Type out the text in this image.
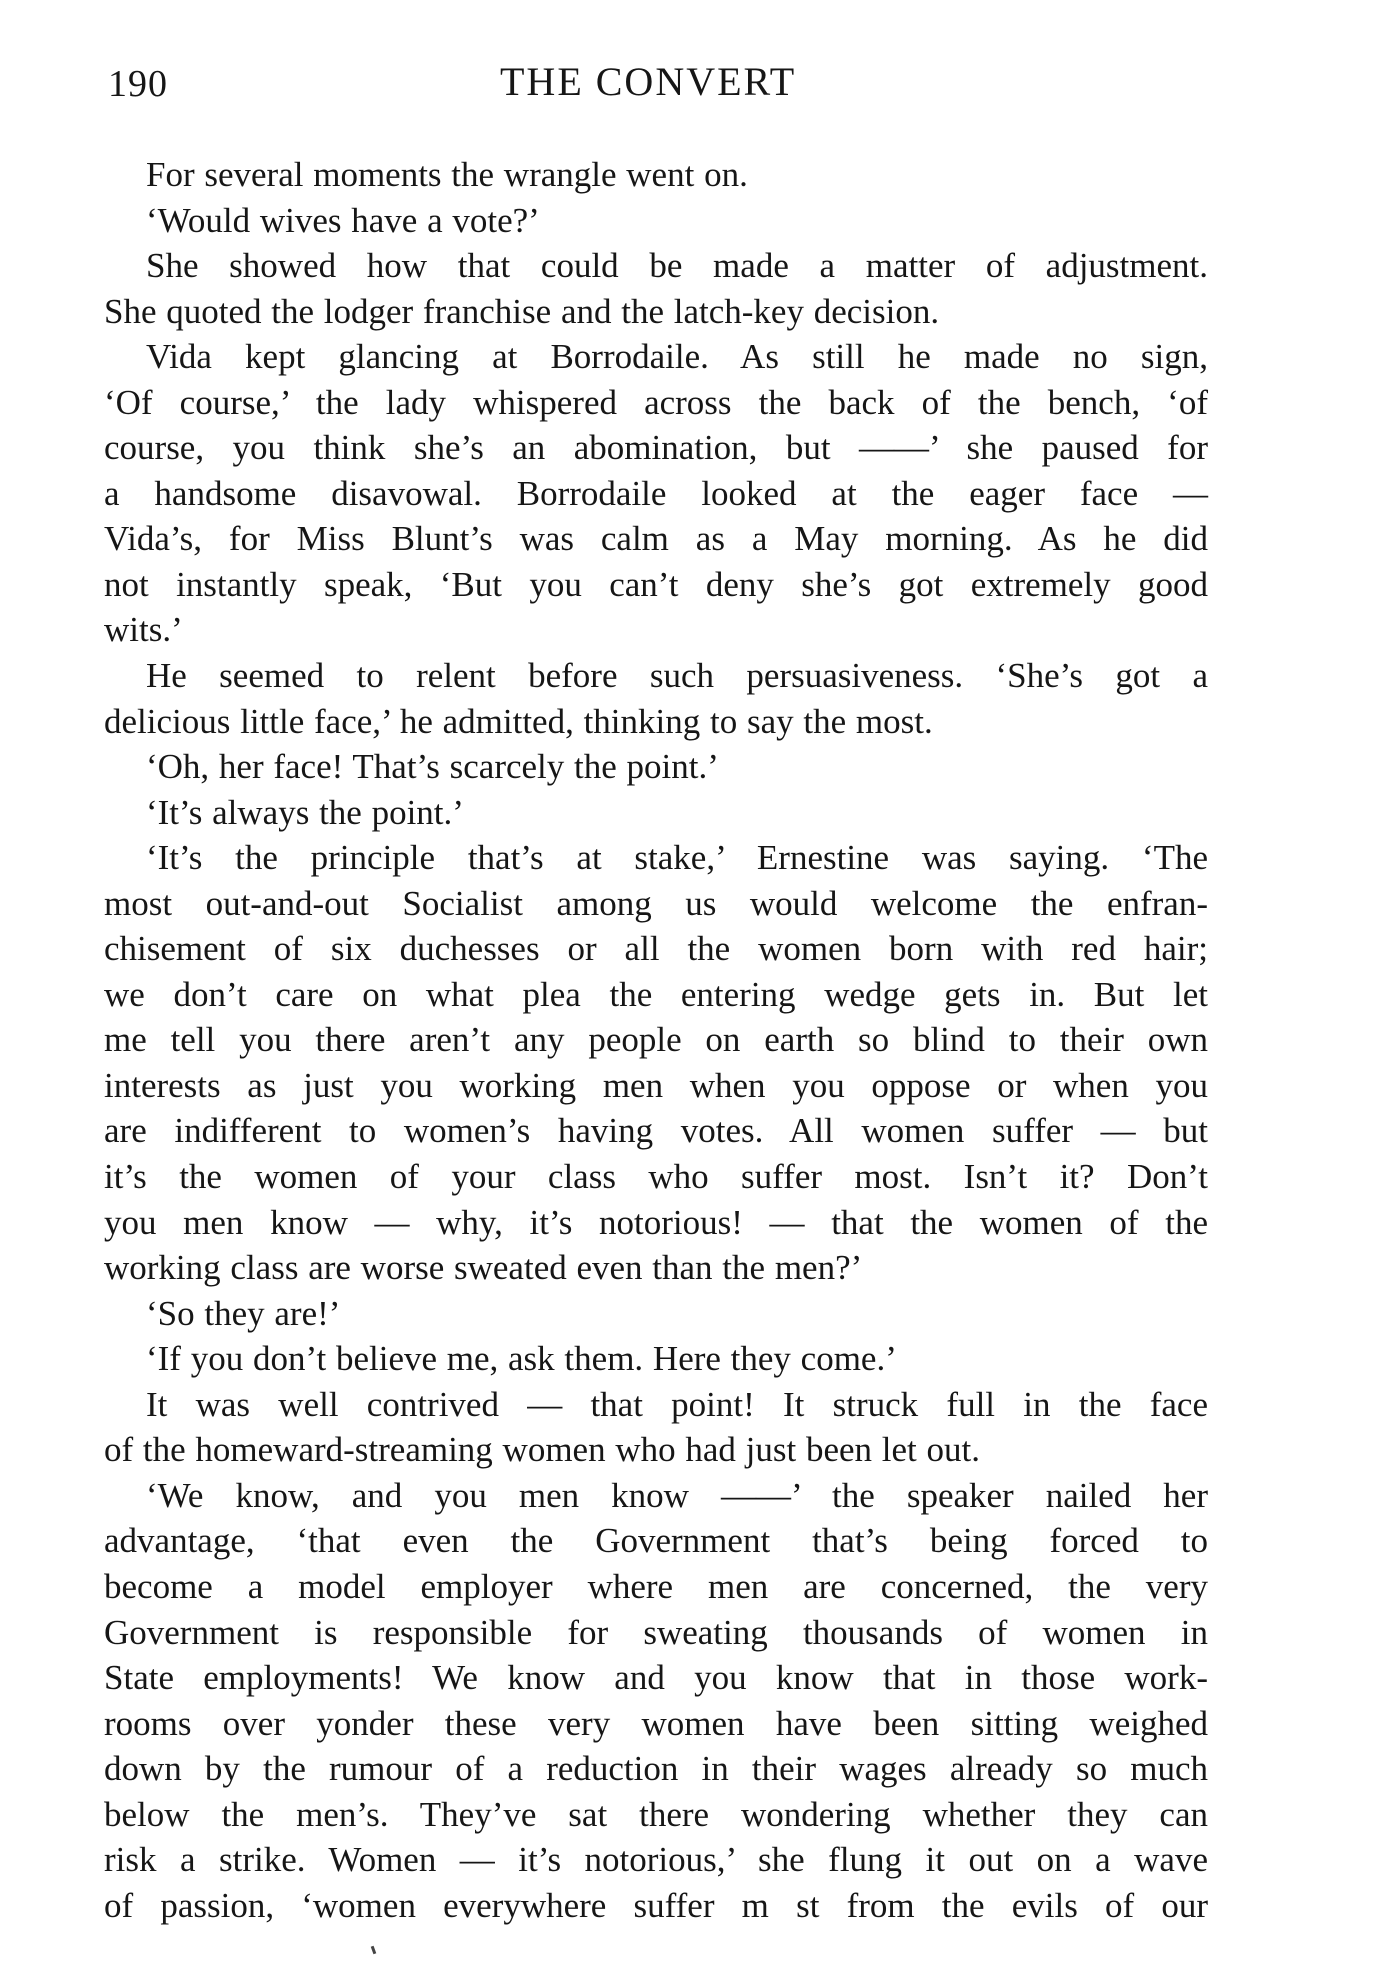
190	THE CONVERT
For several moments the wrangle went on.
‘Would wives have a vote?’
She showed how that could be made a matter of adjustment.
She quoted the lodger franchise and the latch-key decision.
Vida kept glancing at Borrodaile. As still he made no sign,
‘Of course,’ the lady whispered across the back of the bench, ‘of
course, you think she’s an abomination, but ——’ she paused for
a handsome disavowal. Borrodaile looked at the eager face —
Vida’s, for Miss Blunt’s was calm as a May morning. As he did
not instantly speak, ‘But you can’t deny she’s got extremely good
wits.’
He seemed to relent before such persuasiveness. ‘She’s got a
delicious little face,’ he admitted, thinking to say the most.
‘Oh, her face! That’s scarcely the point.’
‘It’s always the point.’
‘It’s the principle that’s at stake,’ Ernestine was saying. ‘The
most out-and-out Socialist among us would welcome the enfran-
chisement of six duchesses or all the women born with red hair;
we don’t care on what plea the entering wedge gets in. But let
me tell you there aren’t any people on earth so blind to their own
interests as just you working men when you oppose or when you
are indifferent to women’s having votes. All women suffer — but
it’s the women of your class who suffer most. Isn’t it? Don’t
you men know — why, it’s notorious! — that the women of the
working class are worse sweated even than the men?’
‘So they are!’
‘If you don’t believe me, ask them. Here they come.’
It was well contrived — that point! It struck full in the face
of the homeward-streaming women who had just been let out.
‘We know, and you men know ——’ the speaker nailed her
advantage, ‘that even the Government that’s being forced to
become a model employer where men are concerned, the very
Government is responsible for sweating thousands of women in
State employments! We know and you know that in those work-
rooms over yonder these very women have been sitting weighed
down by the rumour of a reduction in their wages already so much
below the men’s. They’ve sat there wondering whether they can
risk a strike. Women — it’s notorious,’ she flung it out on a wave
of passion, ‘women everywhere suffer m st from the evils of our
